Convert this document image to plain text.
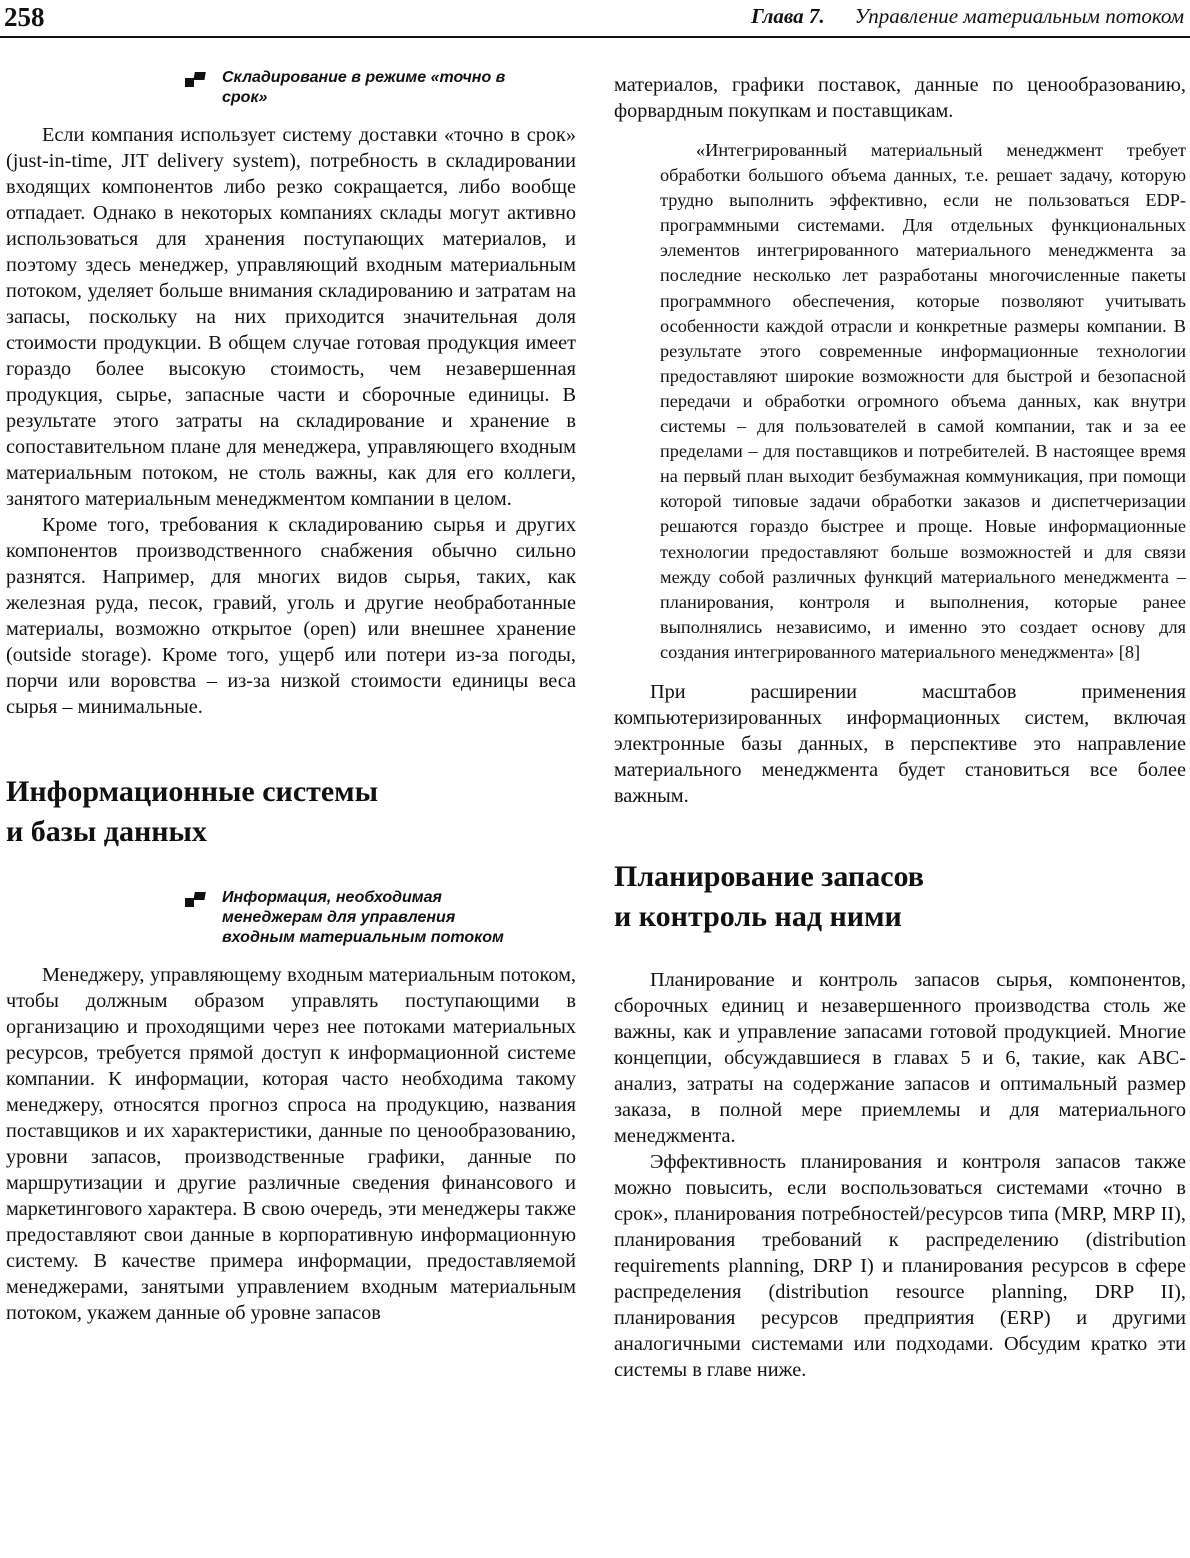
258	Глава 7. Управление материальным потоком
Складирование в режиме «точно в срок»

Если компания использует систему доставки «точно в срок» (just-in-time, JIT delivery system), потребность в складировании входящих компонентов либо резко сокращается, либо вообще отпадает. Однако в некоторых компаниях склады могут активно использоваться для хранения поступающих материалов, и поэтому здесь менеджер, управляющий входным материальным потоком, уделяет больше внимания складированию и затратам на запасы, поскольку на них приходится значительная доля стоимости продукции. В общем случае готовая продукция имеет гораздо более высокую стоимость, чем незавершенная продукция, сырье, запасные части и сборочные единицы. В результате этого затраты на складирование и хранение в сопоставительном плане для менеджера, управляющего входным материальным потоком, не столь важны, как для его коллеги, занятого материальным менеджментом компании в целом.

Кроме того, требования к складированию сырья и других компонентов производственного снабжения обычно сильно разнятся. Например, для многих видов сырья, таких, как железная руда, песок, гравий, уголь и другие необработанные материалы, возможно открытое (open) или внешнее хранение (outside storage). Кроме того, ущерб или потери из-за погоды, порчи или воровства – из-за низкой стоимости единицы веса сырья – минимальные.

Информационные системы
и базы данных
Информация, необходимая менеджерам для управления входным материальным потоком

Менеджеру, управляющему входным материальным потоком, чтобы должным образом управлять поступающими в организацию и проходящими через нее потоками материальных ресурсов, требуется прямой доступ к информационной системе компании. К информации, которая часто необходима такому менеджеру, относятся прогноз спроса на продукцию, названия поставщиков и их характеристики, данные по ценообразованию, уровни запасов, производственные графики, данные по маршрутизации и другие различные сведения финансового и маркетингового характера. В свою очередь, эти менеджеры также предоставляют свои данные в корпоративную информационную систему. В качестве примера информации, предоставляемой менеджерами, занятыми управлением входным материальным потоком, укажем данные об уровне запасов

материалов, графики поставок, данные по ценообразованию, форвардным покупкам и поставщикам.

«Интегрированный материальный менеджмент требует обработки большого объема данных, т.е. решает задачу, которую трудно выполнить эффективно, если не пользоваться EDP-программными системами. Для отдельных функциональных элементов интегрированного материального менеджмента за последние несколько лет разработаны многочисленные пакеты программного обеспечения, которые позволяют учитывать особенности каждой отрасли и конкретные размеры компании. В результате этого современные информационные технологии предоставляют широкие возможности для быстрой и безопасной передачи и обработки огромного объема данных, как внутри системы – для пользователей в самой компании, так и за ее пределами – для поставщиков и потребителей. В настоящее время на первый план выходит безбумажная коммуникация, при помощи которой типовые задачи обработки заказов и диспетчеризации решаются гораздо быстрее и проще. Новые информационные технологии предоставляют больше возможностей и для связи между собой различных функций материального менеджмента – планирования, контроля и выполнения, которые ранее выполнялись независимо, и именно это создает основу для создания интегрированного материального менеджмента» [8]

При расширении масштабов применения компьютеризированных информационных систем, включая электронные базы данных, в перспективе это направление материального менеджмента будет становиться все более важным.

Планирование запасов
и контроль над ними

Планирование и контроль запасов сырья, компонентов, сборочных единиц и незавершенного производства столь же важны, как и управление запасами готовой продукцией. Многие концепции, обсуждавшиеся в главах 5 и 6, такие, как ABC-анализ, затраты на содержание запасов и оптимальный размер заказа, в полной мере приемлемы и для материального менеджмента.

Эффективность планирования и контроля запасов также можно повысить, если воспользоваться системами «точно в срок», планирования потребностей/ресурсов типа (MRP, MRP II), планирования требований к распределению (distribution requirements planning, DRP I) и планирования ресурсов в сфере распределения (distribution resource planning, DRP II), планирования ресурсов предприятия (ERP) и другими аналогичными системами или подходами. Обсудим кратко эти системы в главе ниже.
